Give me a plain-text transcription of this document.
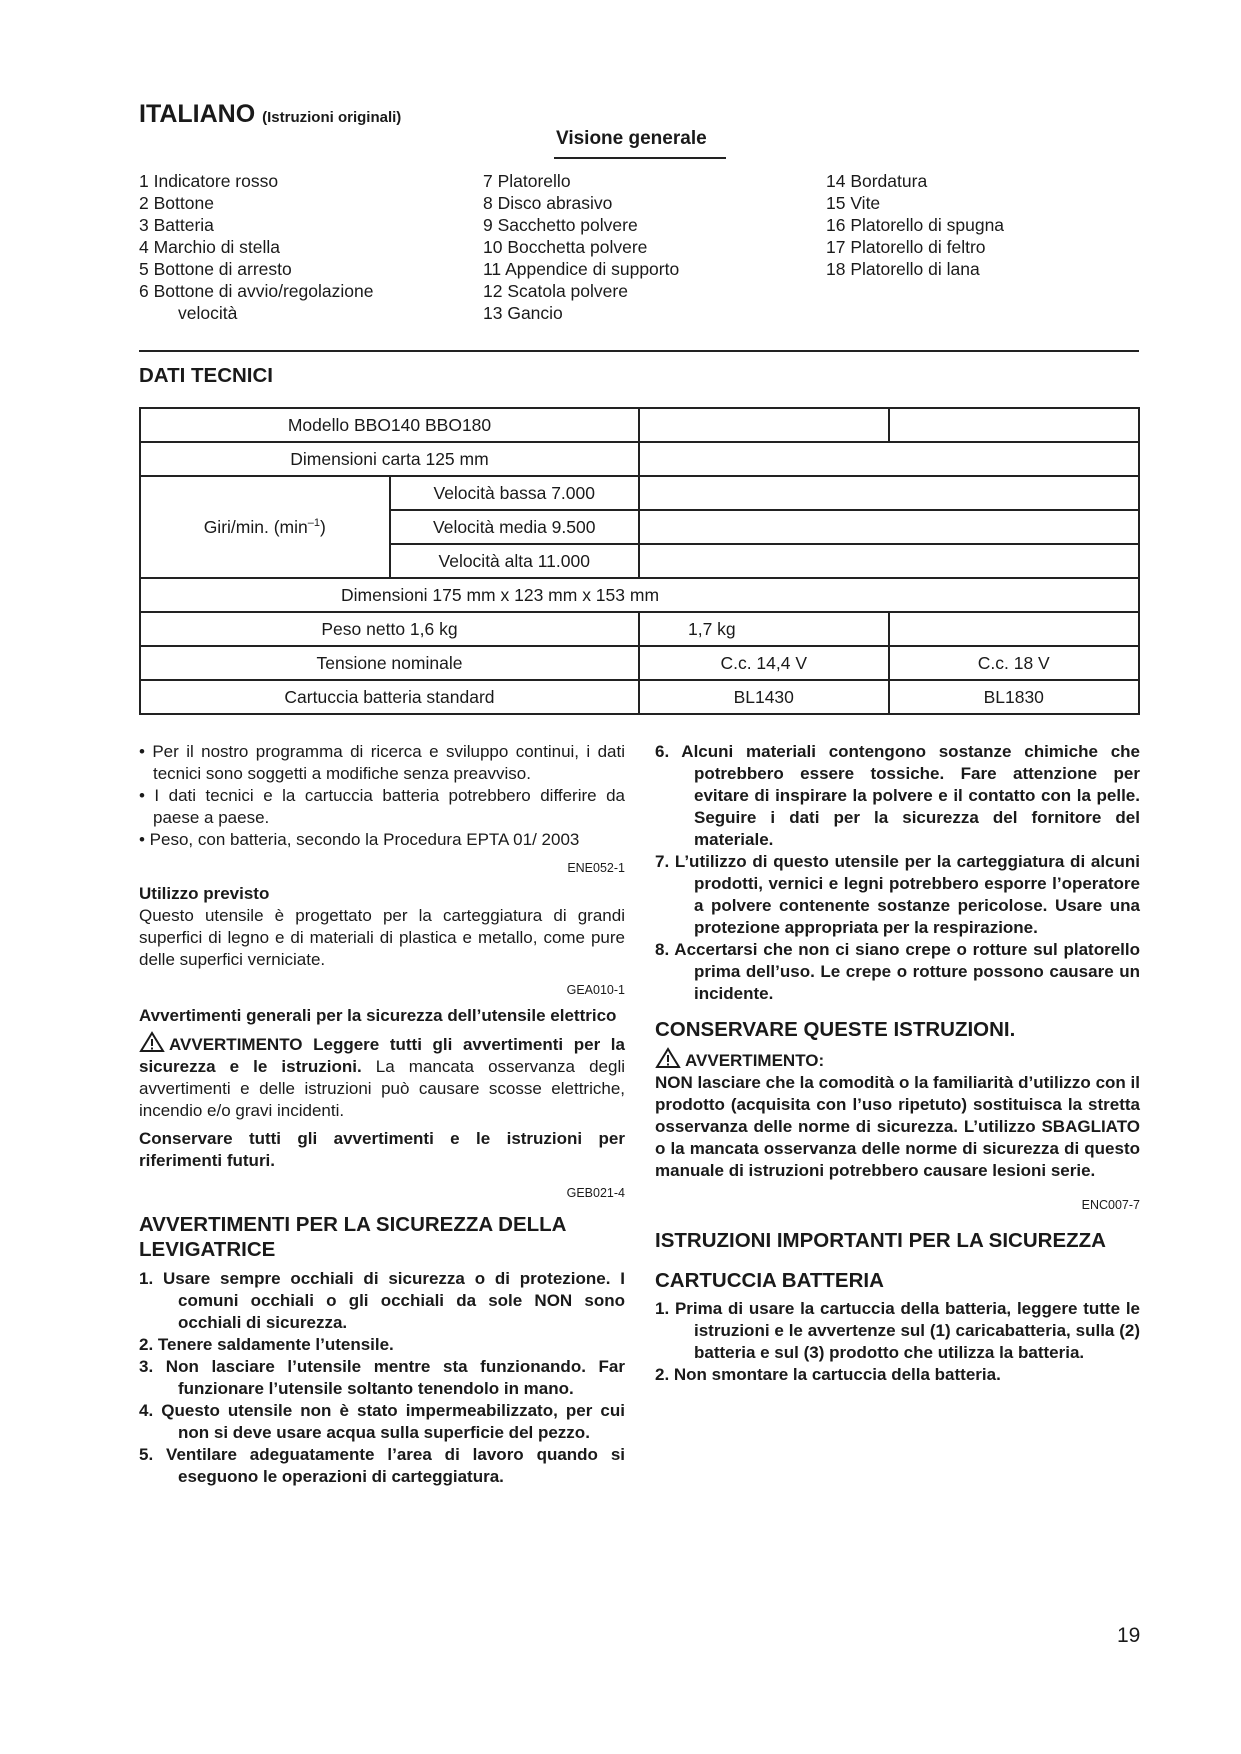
ITALIANO (Istruzioni originali)
Visione generale
1 Indicatore rosso
2 Bottone
3 Batteria
4 Marchio di stella
5 Bottone di arresto
6 Bottone di avvio/regolazione
velocità
7 Platorello
8 Disco abrasivo
9 Sacchetto polvere
10 Bocchetta polvere
11 Appendice di supporto
12 Scatola polvere
13 Gancio
14 Bordatura
15 Vite
16 Platorello di spugna
17 Platorello di feltro
18 Platorello di lana
DATI TECNICI
Modello BBO140 BBO180			
Dimensioni carta 125 mm			
Giri/min. $(\min^{-1})$	Velocità bassa 7.000		
	Velocità media 9.500		
	Velocità alta 11.000		
Dimensioni 175 mm x 123 mm x 153 mm			
Peso netto 1,6 kg		1,7 kg	
Tensione nominale		C.c. 14,4 V	C.c. 18 V
Cartuccia batteria standard		BL1430	BL1830
• Per il nostro programma di ricerca e sviluppo continui, i dati tecnici sono soggetti a modifiche senza preavviso.
• I dati tecnici e la cartuccia batteria potrebbero differire da paese a paese.
• Peso, con batteria, secondo la Procedura EPTA 01/ 2003
ENE052-1
Utilizzo previsto
Questo utensile è progettato per la carteggiatura di grandi superfici di legno e di materiali di plastica e metallo, come pure delle superfici verniciate.
GEA010-1
Avvertimenti generali per la sicurezza dell’utensile elettrico
AVVERTIMENTO Leggere tutti gli avvertimenti per la sicurezza e le istruzioni. La mancata osservanza degli avvertimenti e delle istruzioni può causare scosse elettriche, incendio e/o gravi incidenti.
Conservare tutti gli avvertimenti e le istruzioni per riferimenti futuri.
GEB021-4
AVVERTIMENTI PER LA SICUREZZA DELLA LEVIGATRICE
1. Usare sempre occhiali di sicurezza o di protezione. I comuni occhiali o gli occhiali da sole NON sono occhiali di sicurezza.
2. Tenere saldamente l’utensile.
3. Non lasciare l’utensile mentre sta funzionando. Far funzionare l’utensile soltanto tenendolo in mano.
4. Questo utensile non è stato impermeabilizzato, per cui non si deve usare acqua sulla superficie del pezzo.
5. Ventilare adeguatamente l’area di lavoro quando si eseguono le operazioni di carteggiatura.
6. Alcuni materiali contengono sostanze chimiche che potrebbero essere tossiche. Fare attenzione per evitare di inspirare la polvere e il contatto con la pelle. Seguire i dati per la sicurezza del fornitore del materiale.
7. L’utilizzo di questo utensile per la carteggiatura di alcuni prodotti, vernici e legni potrebbero esporre l’operatore a polvere contenente sostanze pericolose. Usare una protezione appropriata per la respirazione.
8. Accertarsi che non ci siano crepe o rotture sul platorello prima dell’uso. Le crepe o rotture possono causare un incidente.
CONSERVARE QUESTE ISTRUZIONI.
AVVERTIMENTO:
NON lasciare che la comodità o la familiarità d’utilizzo con il prodotto (acquisita con l’uso ripetuto) sostituisca la stretta osservanza delle norme di sicurezza. L’utilizzo SBAGLIATO o la mancata osservanza delle norme di sicurezza di questo manuale di istruzioni potrebbero causare lesioni serie.
ENC007-7
ISTRUZIONI IMPORTANTI PER LA SICUREZZA
CARTUCCIA BATTERIA
1. Prima di usare la cartuccia della batteria, leggere tutte le istruzioni e le avvertenze sul (1) caricabatteria, sulla (2) batteria e sul (3) prodotto che utilizza la batteria.
2. Non smontare la cartuccia della batteria.
19
